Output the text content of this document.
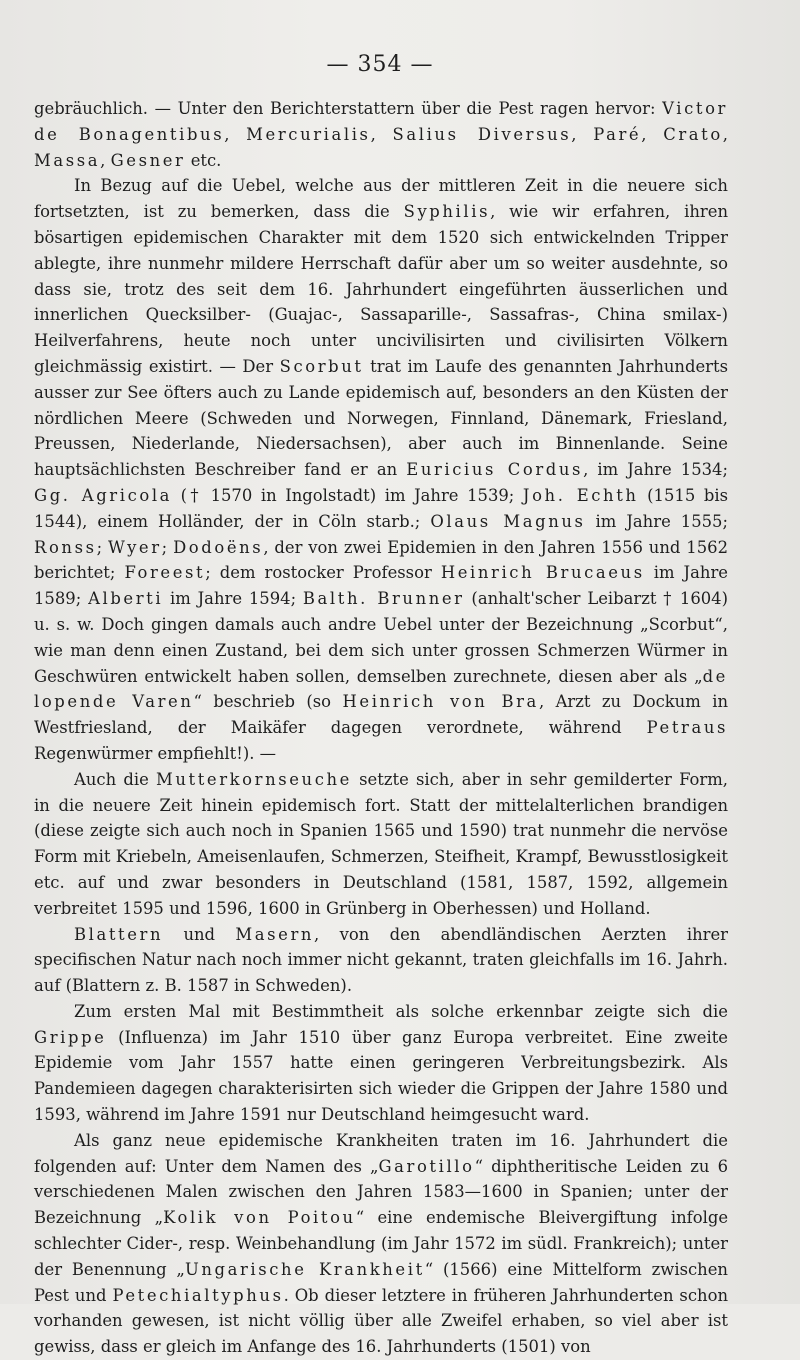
— 354 —

gebräuchlich. — Unter den Berichterstattern über die Pest ragen hervor: Victor de Bonagentibus, Mercurialis, Salius Diversus, Paré, Crato, Massa, Gesner etc.

In Bezug auf die Uebel, welche aus der mittleren Zeit in die neuere sich fortsetzten, ist zu bemerken, dass die Syphilis, wie wir erfahren, ihren bösartigen epidemischen Charakter mit dem 1520 sich entwickelnden Tripper ablegte, ihre nunmehr mildere Herrschaft dafür aber um so weiter ausdehnte, so dass sie, trotz des seit dem 16. Jahrhundert eingeführten äusserlichen und innerlichen Quecksilber- (Guajac-, Sassaparille-, Sassafras-, China smilax-) Heilverfahrens, heute noch unter uncivilisirten und civilisirten Völkern gleichmässig existirt. — Der Scorbut trat im Laufe des genannten Jahrhunderts ausser zur See öfters auch zu Lande epidemisch auf, besonders an den Küsten der nördlichen Meere (Schweden und Norwegen, Finnland, Dänemark, Friesland, Preussen, Niederlande, Niedersachsen), aber auch im Binnenlande. Seine hauptsächlichsten Beschreiber fand er an Euricius Cordus, im Jahre 1534; Gg. Agricola († 1570 in Ingolstadt) im Jahre 1539; Joh. Echth (1515 bis 1544), einem Holländer, der in Cöln starb.; Olaus Magnus im Jahre 1555; Ronss; Wyer; Dodoëns, der von zwei Epidemien in den Jahren 1556 und 1562 berichtet; Foreest; dem rostocker Professor Heinrich Brucaeus im Jahre 1589; Alberti im Jahre 1594; Balth. Brunner (anhalt'scher Leibarzt † 1604) u. s. w. Doch gingen damals auch andre Uebel unter der Bezeichnung „Scorbut“, wie man denn einen Zustand, bei dem sich unter grossen Schmerzen Würmer in Geschwüren entwickelt haben sollen, demselben zurechnete, diesen aber als „de lopende Varen“ beschrieb (so Heinrich von Bra, Arzt zu Dockum in Westfriesland, der Maikäfer dagegen verordnete, während Petraus Regenwürmer empfiehlt!). —

Auch die Mutterkornseuche setzte sich, aber in sehr gemilderter Form, in die neuere Zeit hinein epidemisch fort. Statt der mittelalterlichen brandigen (diese zeigte sich auch noch in Spanien 1565 und 1590) trat nunmehr die nervöse Form mit Kriebeln, Ameisenlaufen, Schmerzen, Steifheit, Krampf, Bewusstlosigkeit etc. auf und zwar besonders in Deutschland (1581, 1587, 1592, allgemein verbreitet 1595 und 1596, 1600 in Grünberg in Oberhessen) und Holland.

Blattern und Masern, von den abendländischen Aerzten ihrer specifischen Natur nach noch immer nicht gekannt, traten gleichfalls im 16. Jahrh. auf (Blattern z. B. 1587 in Schweden).

Zum ersten Mal mit Bestimmtheit als solche erkennbar zeigte sich die Grippe (Influenza) im Jahr 1510 über ganz Europa verbreitet. Eine zweite Epidemie vom Jahr 1557 hatte einen geringeren Verbreitungsbezirk. Als Pandemieen dagegen charakterisirten sich wieder die Grippen der Jahre 1580 und 1593, während im Jahre 1591 nur Deutschland heimgesucht ward.

Als ganz neue epidemische Krankheiten traten im 16. Jahrhundert die folgenden auf: Unter dem Namen des „Garotillo“ diphtheritische Leiden zu 6 verschiedenen Malen zwischen den Jahren 1583—1600 in Spanien; unter der Bezeichnung „Kolik von Poitou“ eine endemische Bleivergiftung infolge schlechter Cider-, resp. Weinbehandlung (im Jahr 1572 im südl. Frankreich); unter der Benennung „Ungarische Krankheit“ (1566) eine Mittelform zwischen Pest und Petechialtyphus. Ob dieser letztere in früheren Jahrhunderten schon vorhanden gewesen, ist nicht völlig über alle Zweifel erhaben, so viel aber ist gewiss, dass er gleich im Anfange des 16. Jahrhunderts (1501) von
